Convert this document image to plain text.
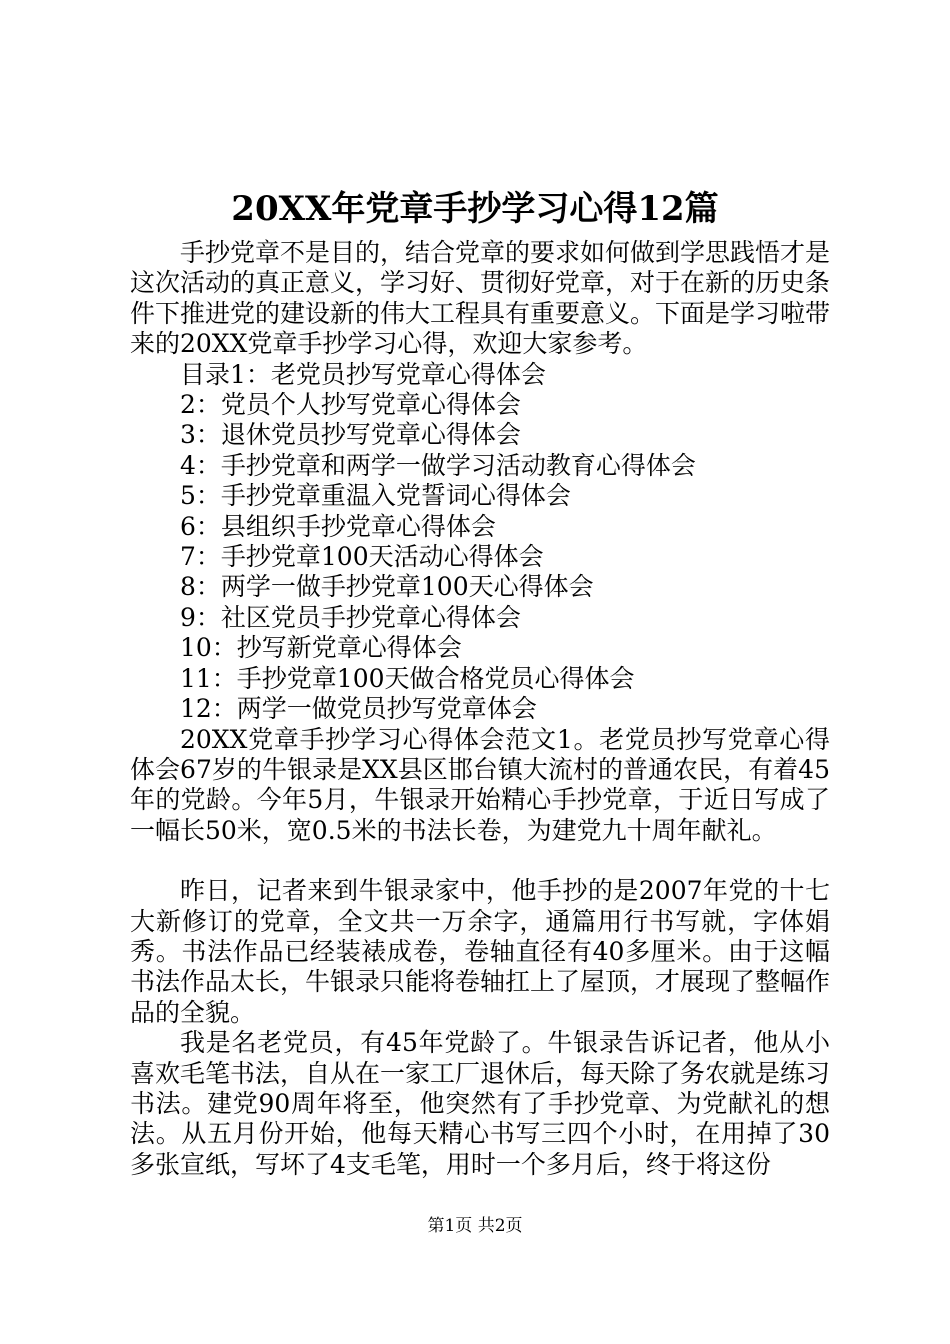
20XX年党章手抄学习心得12篇

手抄党章不是目的，结合党章的要求如何做到学思践悟才是这次活动的真正意义，学习好、贯彻好党章，对于在新的历史条件下推进党的建设新的伟大工程具有重要意义。下面是学习啦带来的20XX党章手抄学习心得，欢迎大家参考。

目录1：老党员抄写党章心得体会
2：党员个人抄写党章心得体会
3：退休党员抄写党章心得体会
4：手抄党章和两学一做学习活动教育心得体会
5：手抄党章重温入党誓词心得体会
6：县组织手抄党章心得体会
7：手抄党章100天活动心得体会
8：两学一做手抄党章100天心得体会
9：社区党员手抄党章心得体会
10：抄写新党章心得体会
11：手抄党章100天做合格党员心得体会
12：两学一做党员抄写党章体会

20XX党章手抄学习心得体会范文1。老党员抄写党章心得体会67岁的牛银录是XX县区邯台镇大流村的普通农民，有着45年的党龄。今年5月，牛银录开始精心手抄党章，于近日写成了一幅长50米，宽0.5米的书法长卷，为建党九十周年献礼。

昨日，记者来到牛银录家中，他手抄的是2007年党的十七大新修订的党章，全文共一万余字，通篇用行书写就，字体娟秀。书法作品已经装裱成卷，卷轴直径有40多厘米。由于这幅书法作品太长，牛银录只能将卷轴扛上了屋顶，才展现了整幅作品的全貌。

我是名老党员，有45年党龄了。牛银录告诉记者，他从小喜欢毛笔书法，自从在一家工厂退休后，每天除了务农就是练习书法。建党90周年将至，他突然有了手抄党章、为党献礼的想法。从五月份开始，他每天精心书写三四个小时，在用掉了30多张宣纸，写坏了4支毛笔，用时一个多月后，终于将这份

第1页 共2页
